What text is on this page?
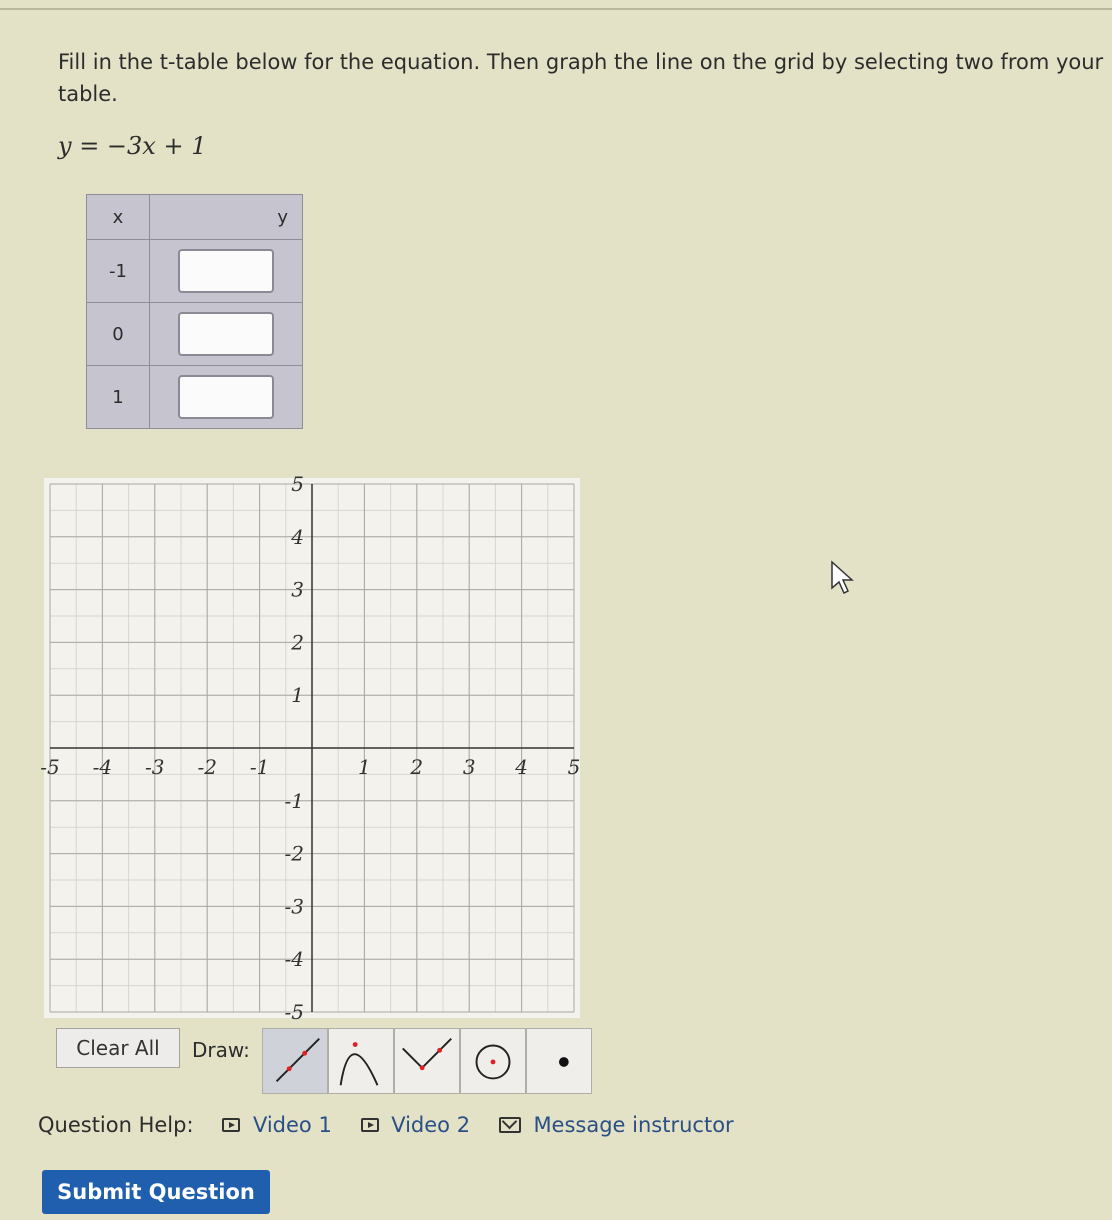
Fill in the t-table below for the equation. Then graph the line on the grid by selecting two from your table.
y = −3x + 1
x	y
-1	

0	

1	
-5 -4 -3 -2 -1	1 2 3 4 5
5
4
3
2
1
-1
-2
-3
-4
-5
Clear All	Draw:
Question Help:	Video 1	Video 2	Message instructor
Submit Question
